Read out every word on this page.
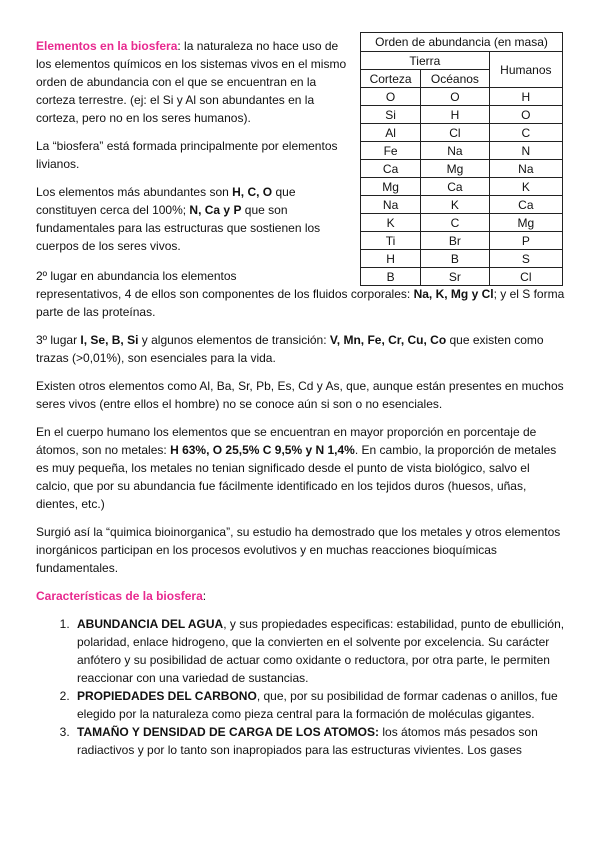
Elementos en la biosfera: la naturaleza no hace uso de los elementos químicos en los sistemas vivos en el mismo orden de abundancia con el que se encuentran en la corteza terrestre. (ej: el Si y Al son abundantes en la corteza, pero no en los seres humanos).

La “biosfera” está formada principalmente por elementos livianos.

Los elementos más abundantes son H, C, O que constituyen cerca del 100%; N, Ca y P que son fundamentales para las estructuras que sostienen los cuerpos de los seres vivos.

Orden de abundancia (en masa)		
Tierra		Humanos
Corteza	Océanos	
O	O	H
Si	H	O
Al	Cl	C
Fe	Na	N
Ca	Mg	Na
Mg	Ca	K
Na	K	Ca
K	C	Mg
Ti	Br	P
H	B	S
B	Sr	Cl

2º lugar en abundancia los elementos
representativos, 4 de ellos son componentes de los fluidos corporales: Na, K, Mg y Cl; y el S forma parte de las proteínas.

3º lugar I, Se, B, Si y algunos elementos de transición: V, Mn, Fe, Cr, Cu, Co que existen como trazas (>0,01%), son esenciales para la vida.

Existen otros elementos como Al, Ba, Sr, Pb, Es, Cd y As, que, aunque están presentes en muchos seres vivos (entre ellos el hombre) no se conoce aún si son o no esenciales.

En el cuerpo humano los elementos que se encuentran en mayor proporción en porcentaje de átomos, son no metales: H 63%, O 25,5% C 9,5% y N 1,4%. En cambio, la proporción de metales es muy pequeña, los metales no tenian significado desde el punto de vista biológico, salvo el calcio, que por su abundancia fue fácilmente identificado en los tejidos duros (huesos, uñas, dientes, etc.)

Surgió así la “quimica bioinorganica”, su estudio ha demostrado que los metales y otros elementos inorgánicos participan en los procesos evolutivos y en muchas reacciones bioquímicas fundamentales.

Características de la biosfera:

1. ABUNDANCIA DEL AGUA, y sus propiedades especificas: estabilidad, punto de ebullición, polaridad, enlace hidrogeno, que la convierten en el solvente por excelencia. Su carácter anfótero y su posibilidad de actuar como oxidante o reductora, por otra parte, le permiten reaccionar con una variedad de sustancias.
2. PROPIEDADES DEL CARBONO, que, por su posibilidad de formar cadenas o anillos, fue elegido por la naturaleza como pieza central para la formación de moléculas gigantes.
3. TAMAÑO Y DENSIDAD DE CARGA DE LOS ATOMOS: los átomos más pesados son radiactivos y por lo tanto son inapropiados para las estructuras vivientes. Los gases
